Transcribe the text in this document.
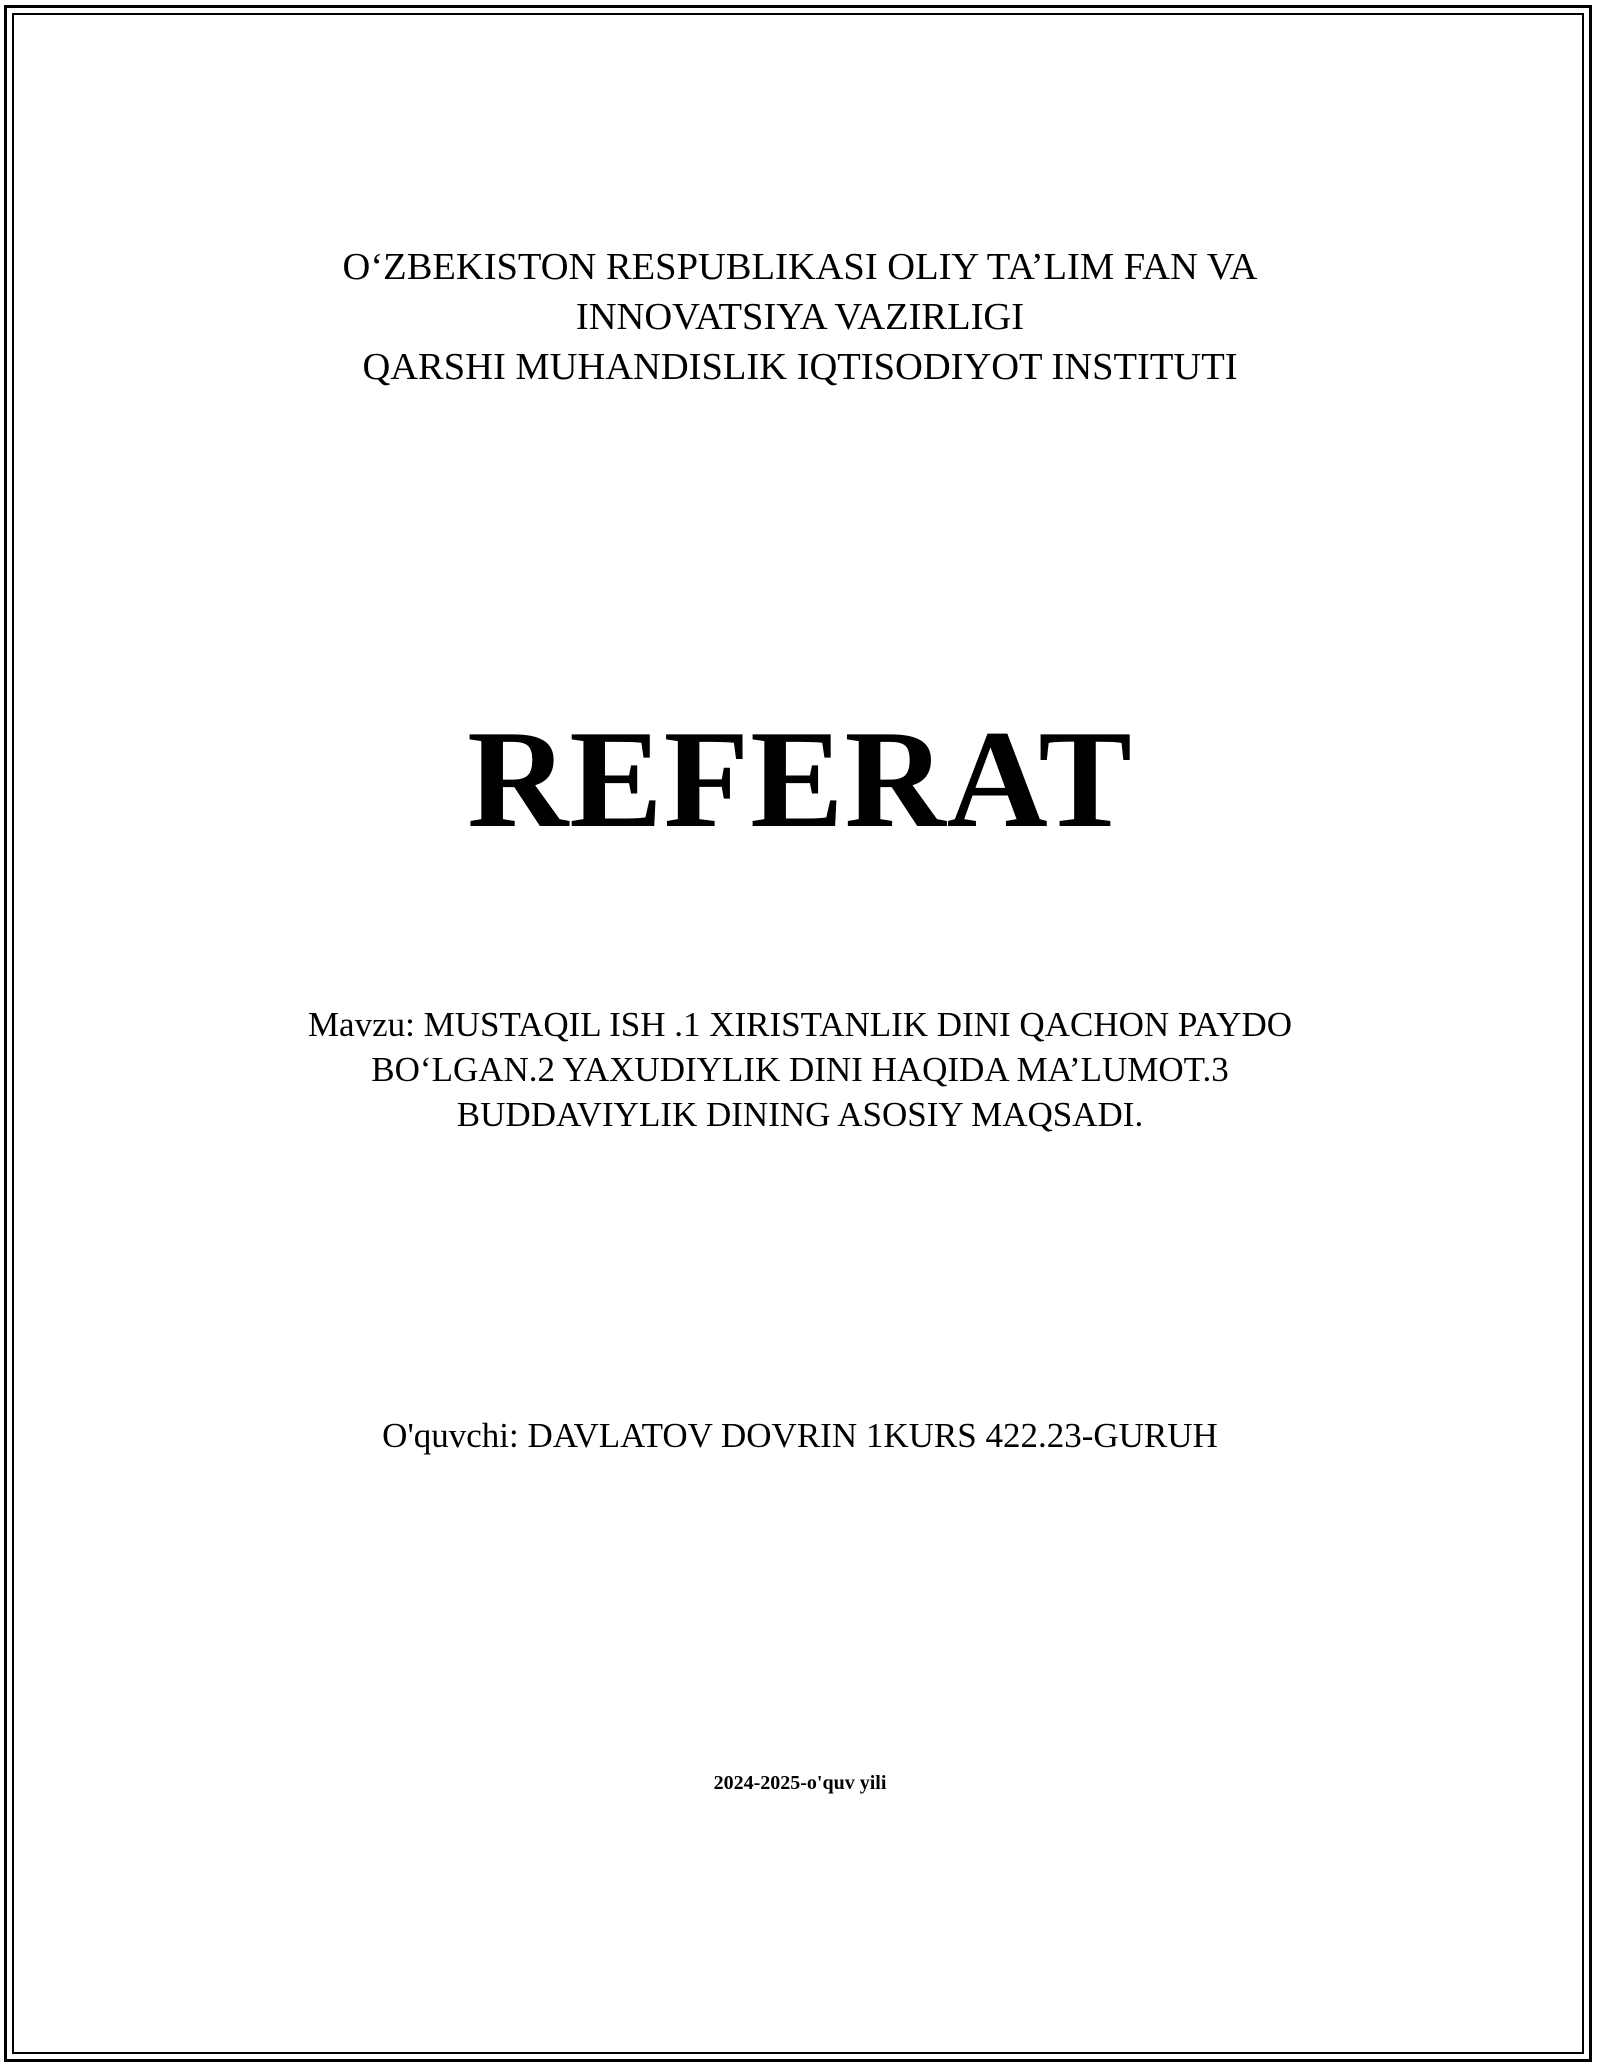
O‘ZBEKISTON RESPUBLIKASI OLIY TA’LIM FAN VA
INNOVATSIYA VAZIRLIGI
QARSHI MUHANDISLIK IQTISODIYOT INSTITUTI
REFERAT
Mavzu: MUSTAQIL ISH .1 XIRISTANLIK DINI QACHON PAYDO
BO‘LGAN.2 YAXUDIYLIK DINI HAQIDA MA’LUMOT.3
BUDDAVIYLIK DINING ASOSIY MAQSADI.
O'quvchi: DAVLATOV DOVRIN 1KURS 422.23-GURUH
2024-2025-o'quv yili
